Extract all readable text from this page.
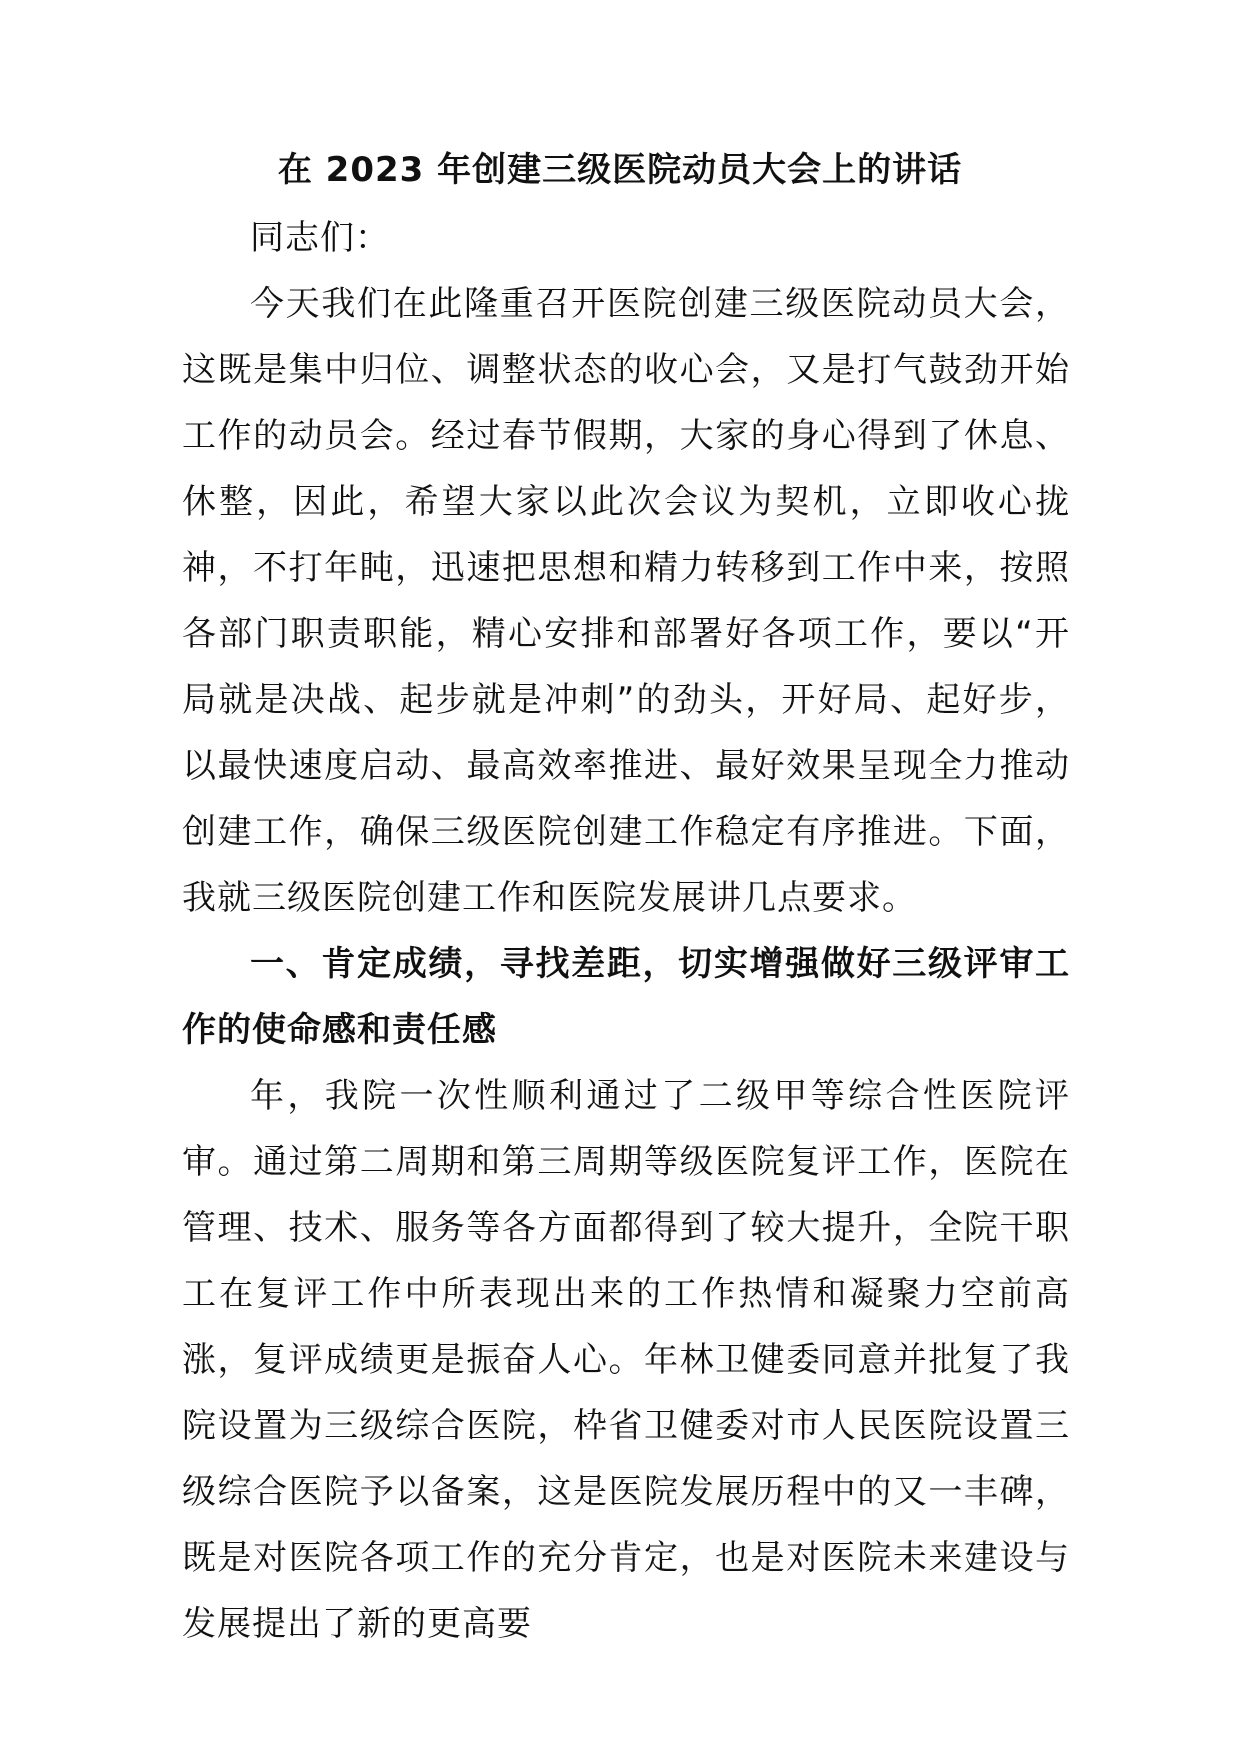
在 2023 年创建三级医院动员大会上的讲话

同志们：

今天我们在此隆重召开医院创建三级医院动员大会，这既是集中归位、调整状态的收心会，又是打气鼓劲开始工作的动员会。经过春节假期，大家的身心得到了休息、休整，因此，希望大家以此次会议为契机，立即收心拢神，不打年盹，迅速把思想和精力转移到工作中来，按照各部门职责职能，精心安排和部署好各项工作，要以“开局就是决战、起步就是冲刺”的劲头，开好局、起好步，以最快速度启动、最高效率推进、最好效果呈现全力推动创建工作，确保三级医院创建工作稳定有序推进。下面，我就三级医院创建工作和医院发展讲几点要求。

一、肯定成绩，寻找差距，切实增强做好三级评审工作的使命感和责任感

年，我院一次性顺利通过了二级甲等综合性医院评审。通过第二周期和第三周期等级医院复评工作，医院在管理、技术、服务等各方面都得到了较大提升，全院干职工在复评工作中所表现出来的工作热情和凝聚力空前高涨，复评成绩更是振奋人心。年林卫健委同意并批复了我院设置为三级综合医院，枠省卫健委对市人民医院设置三级综合医院予以备案，这是医院发展历程中的又一丰碑，既是对医院各项工作的充分肯定，也是对医院未来建设与发展提出了新的更高要
